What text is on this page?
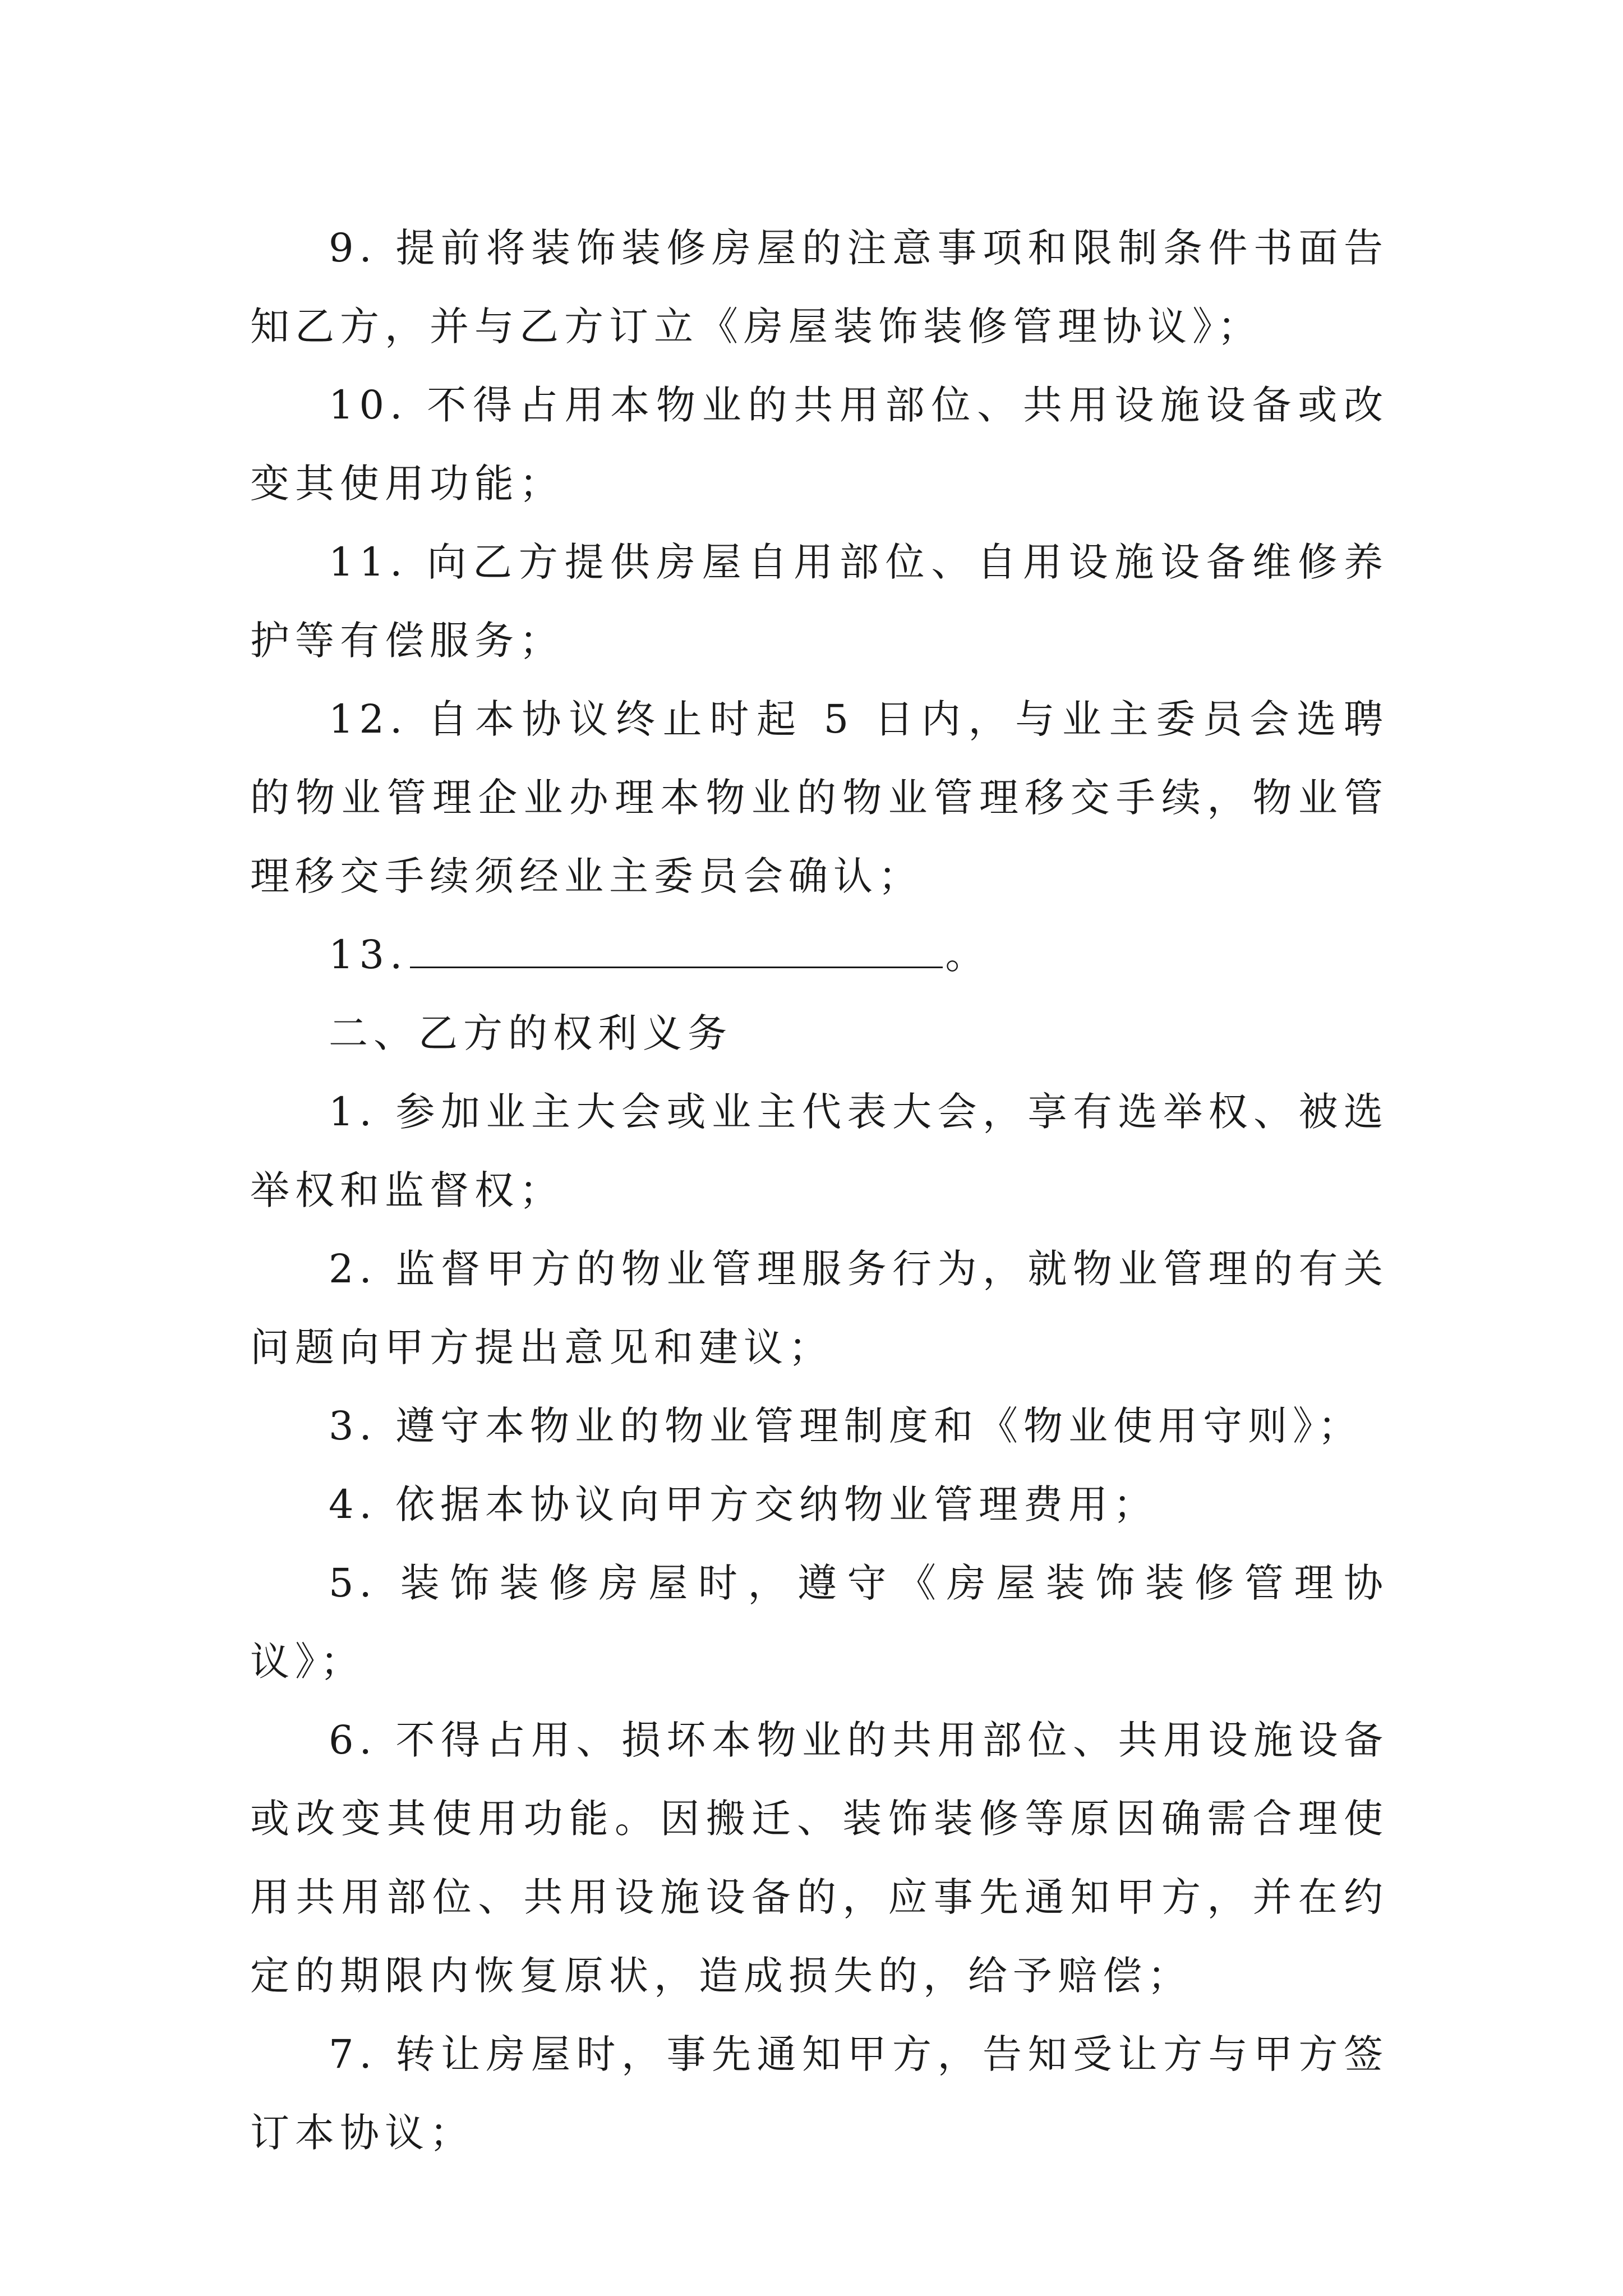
9. 提前将装饰装修房屋的注意事项和限制条件书面告知乙方，并与乙方订立《房屋装饰装修管理协议》；

10. 不得占用本物业的共用部位、共用设施设备或改变其使用功能；

11. 向乙方提供房屋自用部位、自用设施设备维修养护等有偿服务；

12. 自本协议终止时起 5 日内，与业主委员会选聘的物业管理企业办理本物业的物业管理移交手续，物业管理移交手续须经业主委员会确认；

13.	。

二、乙方的权利义务

1. 参加业主大会或业主代表大会，享有选举权、被选举权和监督权；

2. 监督甲方的物业管理服务行为，就物业管理的有关问题向甲方提出意见和建议；

3. 遵守本物业的物业管理制度和《物业使用守则》；

4. 依据本协议向甲方交纳物业管理费用；

5. 装饰装修房屋时，遵守《房屋装饰装修管理协议》；

6. 不得占用、损坏本物业的共用部位、共用设施设备或改变其使用功能。因搬迁、装饰装修等原因确需合理使用共用部位、共用设施设备的，应事先通知甲方，并在约定的期限内恢复原状，造成损失的，给予赔偿；

7. 转让房屋时，事先通知甲方，告知受让方与甲方签订本协议；
